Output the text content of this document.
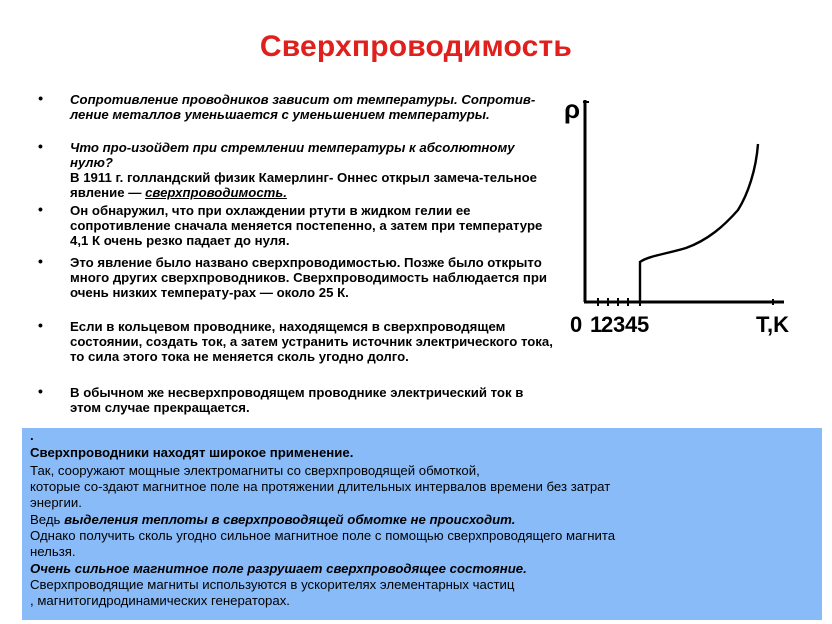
Сверхпроводимость

• Сопротивление проводников зависит от температуры. Сопротив-ление металлов уменьшается с уменьшением температуры.

• Что про-изойдет при стремлении температуры к абсолютному нулю?
В 1911 г. голландский физик Камерлинг- Оннес открыл замеча-тельное явление — сверхпроводимость.

• Он обнаружил, что при охлаждении ртути в жидком гелии ее сопротивление сначала меняется постепенно, а затем при температуре 4,1 К очень резко падает до нуля.

• Это явление было названо сверхпроводимостью. Позже было открыто много других сверхпроводников. Сверхпроводимость наблюдается при очень низких температу-рах — около 25 К.

• Если в кольцевом проводнике, находящемся в сверхпроводящем состоянии, создать ток, а затем устранить источник электрического тока, то сила этого тока не меняется сколь угодно долго.

• В обычном же несверхпроводящем проводнике электрический ток в этом случае прекращается.

ρ
T,K
0 1
2 3 4 5
.
Сверхпроводники находят широкое применение.
Так, сооружают мощные электромагниты со сверхпроводящей обмоткой,
которые со-здают магнитное поле на протяжении длительных интервалов времени без затрат
энергии.
Ведь выделения теплоты в сверхпроводящей обмотке не происходит.
Однако получить сколь угодно сильное магнитное поле с помощью сверхпроводящего магнита
нельзя.
Очень сильное магнитное поле разрушает сверхпроводящее состояние.
Сверхпроводящие магниты используются в ускорителях элементарных частиц
, магнитогидродинамических генераторах.
